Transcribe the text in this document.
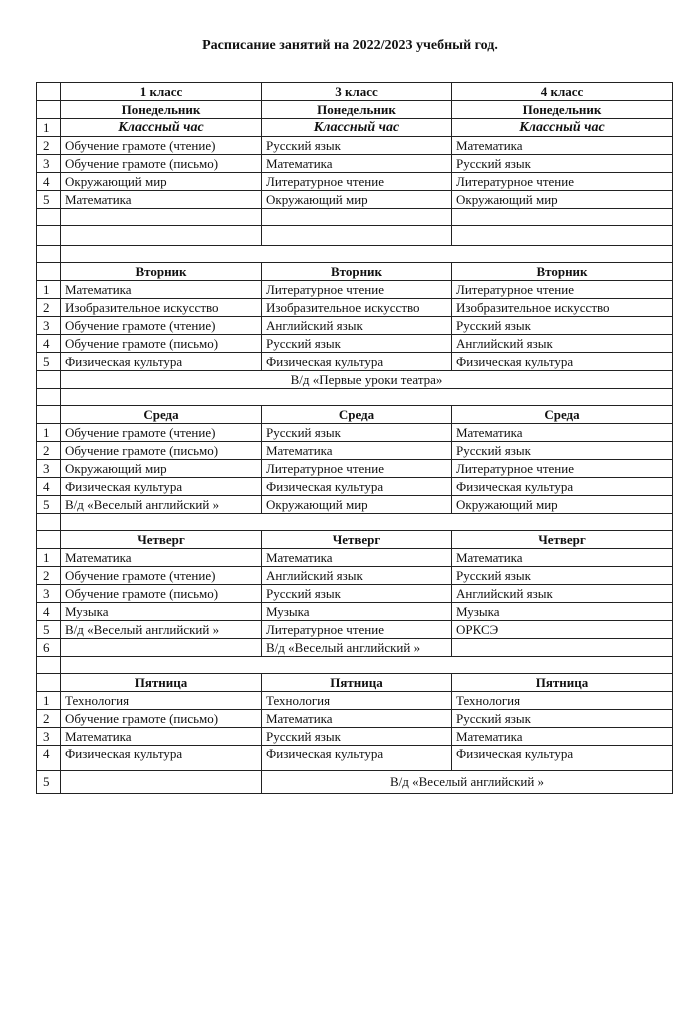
Расписание занятий на 2022/2023 учебный год.
	1 класс	3 класс	4 класс
	Понедельник	Понедельник	Понедельник
1	Классный час	Классный час	Классный час
2	Обучение грамоте (чтение)	Русский язык	Математика
3	Обучение грамоте (письмо)	Математика	Русский язык
4	Окружающий мир	Литературное чтение	Литературное чтение
5	Математика	Окружающий мир	Окружающий мир

	Вторник	Вторник	Вторник
1	Математика	Литературное чтение	Литературное чтение
2	Изобразительное искусство	Изобразительное искусство	Изобразительное искусство
3	Обучение грамоте (чтение)	Английский язык	Русский язык
4	Обучение грамоте (письмо)	Русский язык	Английский язык
5	Физическая культура	Физическая культура	Физическая культура
	В/д «Первые уроки театра»		

	Среда	Среда	Среда
1	Обучение грамоте (чтение)	Русский язык	Математика
2	Обучение грамоте (письмо)	Математика	Русский язык
3	Окружающий мир	Литературное чтение	Литературное чтение
4	Физическая культура	Физическая культура	Физическая культура
5	В/д «Веселый английский »	Окружающий мир	Окружающий мир

	Четверг	Четверг	Четверг
1	Математика	Математика	Математика
2	Обучение грамоте (чтение)	Английский язык	Русский язык
3	Обучение грамоте (письмо)	Русский язык	Английский язык
4	Музыка	Музыка	Музыка
5	В/д «Веселый английский »	Литературное чтение	ОРКСЭ
6		В/д «Веселый английский »	

	Пятница	Пятница	Пятница
1	Технология	Технология	Технология
2	Обучение грамоте (письмо)	Математика	Русский язык
3	Математика	Русский язык	Математика
4	Физическая культура	Физическая культура	Физическая культура
5		В/д «Веселый английский »	
